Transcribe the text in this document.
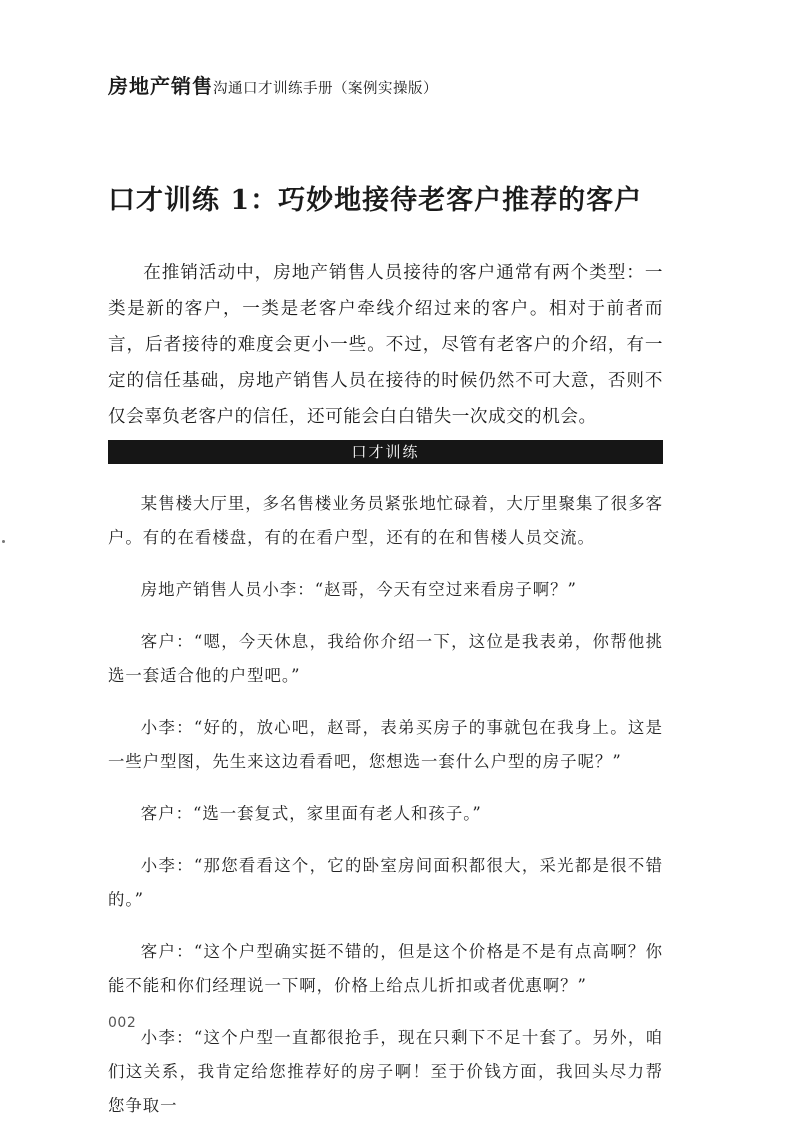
房地产销售沟通口才训练手册（案例实操版）
口才训练 1：巧妙地接待老客户推荐的客户

在推销活动中，房地产销售人员接待的客户通常有两个类型：一类是新的客户，一类是老客户牵线介绍过来的客户。相对于前者而言，后者接待的难度会更小一些。不过，尽管有老客户的介绍，有一定的信任基础，房地产销售人员在接待的时候仍然不可大意，否则不仅会辜负老客户的信任，还可能会白白错失一次成交的机会。

口才训练

某售楼大厅里，多名售楼业务员紧张地忙碌着，大厅里聚集了很多客户。有的在看楼盘，有的在看户型，还有的在和售楼人员交流。

房地产销售人员小李：“赵哥，今天有空过来看房子啊？”

客户：“嗯，今天休息，我给你介绍一下，这位是我表弟，你帮他挑选一套适合他的户型吧。”

小李：“好的，放心吧，赵哥，表弟买房子的事就包在我身上。这是一些户型图，先生来这边看看吧，您想选一套什么户型的房子呢？”

客户：“选一套复式，家里面有老人和孩子。”

小李：“那您看看这个，它的卧室房间面积都很大，采光都是很不错的。”

客户：“这个户型确实挺不错的，但是这个价格是不是有点高啊？你能不能和你们经理说一下啊，价格上给点儿折扣或者优惠啊？”

小李：“这个户型一直都很抢手，现在只剩下不足十套了。另外，咱们这关系，我肯定给您推荐好的房子啊！至于价钱方面，我回头尽力帮您争取一

002
